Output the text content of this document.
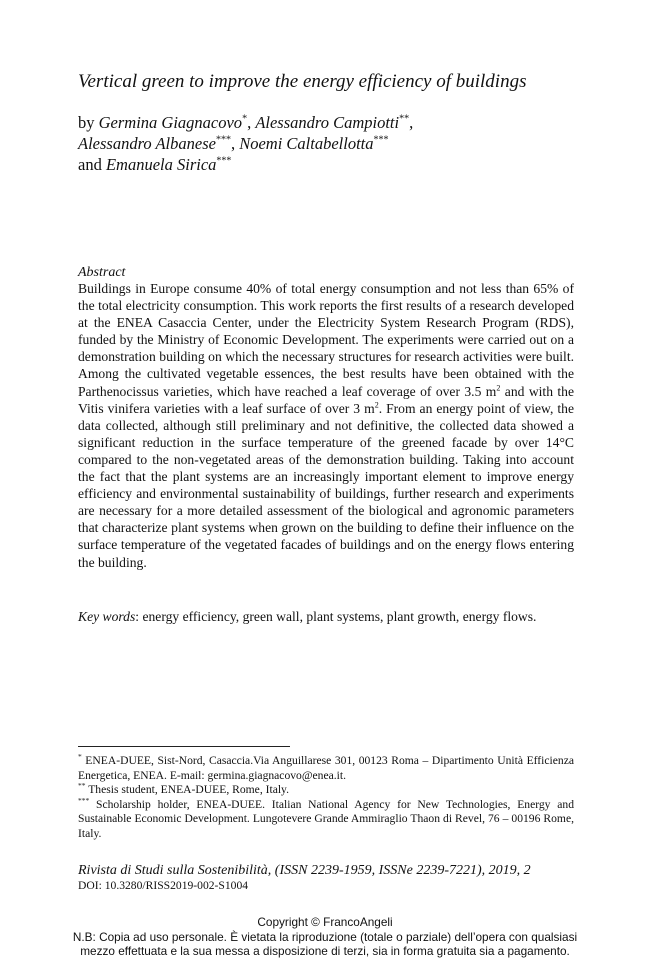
Vertical green to improve the energy efficiency of buildings
by Germina Giagnacovo*, Alessandro Campiotti**,
Alessandro Albanese***, Noemi Caltabellotta***
and Emanuela Sirica***
Abstract
Buildings in Europe consume 40% of total energy consumption and not less than 65% of the total electricity consumption. This work reports the first results of a research developed at the ENEA Casaccia Center, under the Electricity System Research Program (RDS), funded by the Ministry of Economic Development. The experiments were carried out on a demonstration building on which the necessary structures for research activities were built. Among the cultivated vegetable essences, the best results have been obtained with the Parthenocissus varieties, which have reached a leaf coverage of over 3.5 $m^2$ and with the Vitis vinifera varieties with a leaf surface of over 3 $m^2$. From an energy point of view, the data collected, although still preliminary and not definitive, the collected data showed a significant reduction in the surface temperature of the greened facade by over 14°C compared to the non-vegetated areas of the demonstration building. Taking into account the fact that the plant systems are an increasingly important element to improve energy efficiency and environmental sustainability of buildings, further research and experiments are necessary for a more detailed assessment of the biological and agronomic parameters that characterize plant systems when grown on the building to define their influence on the surface temperature of the vegetated facades of buildings and on the energy flows entering the building.
Key words: energy efficiency, green wall, plant systems, plant growth, energy flows.

* ENEA-DUEE, Sist-Nord, Casaccia.Via Anguillarese 301, 00123 Roma – Dipartimento Unità Efficienza Energetica, ENEA. E-mail: germina.giagnacovo@enea.it.

** Thesis student, ENEA-DUEE, Rome, Italy.

*** Scholarship holder, ENEA-DUEE. Italian National Agency for New Technologies, Energy and Sustainable Economic Development. Lungotevere Grande Ammiraglio Thaon di Revel, 76 – 00196 Rome, Italy.

Rivista di Studi sulla Sostenibilità, (ISSN 2239-1959, ISSNe 2239-7221), 2019, 2
DOI: 10.3280/RISS2019-002-S1004
Copyright © FrancoAngeli
N.B: Copia ad uso personale. È vietata la riproduzione (totale o parziale) dell’opera con qualsiasi
mezzo effettuata e la sua messa a disposizione di terzi, sia in forma gratuita sia a pagamento.
